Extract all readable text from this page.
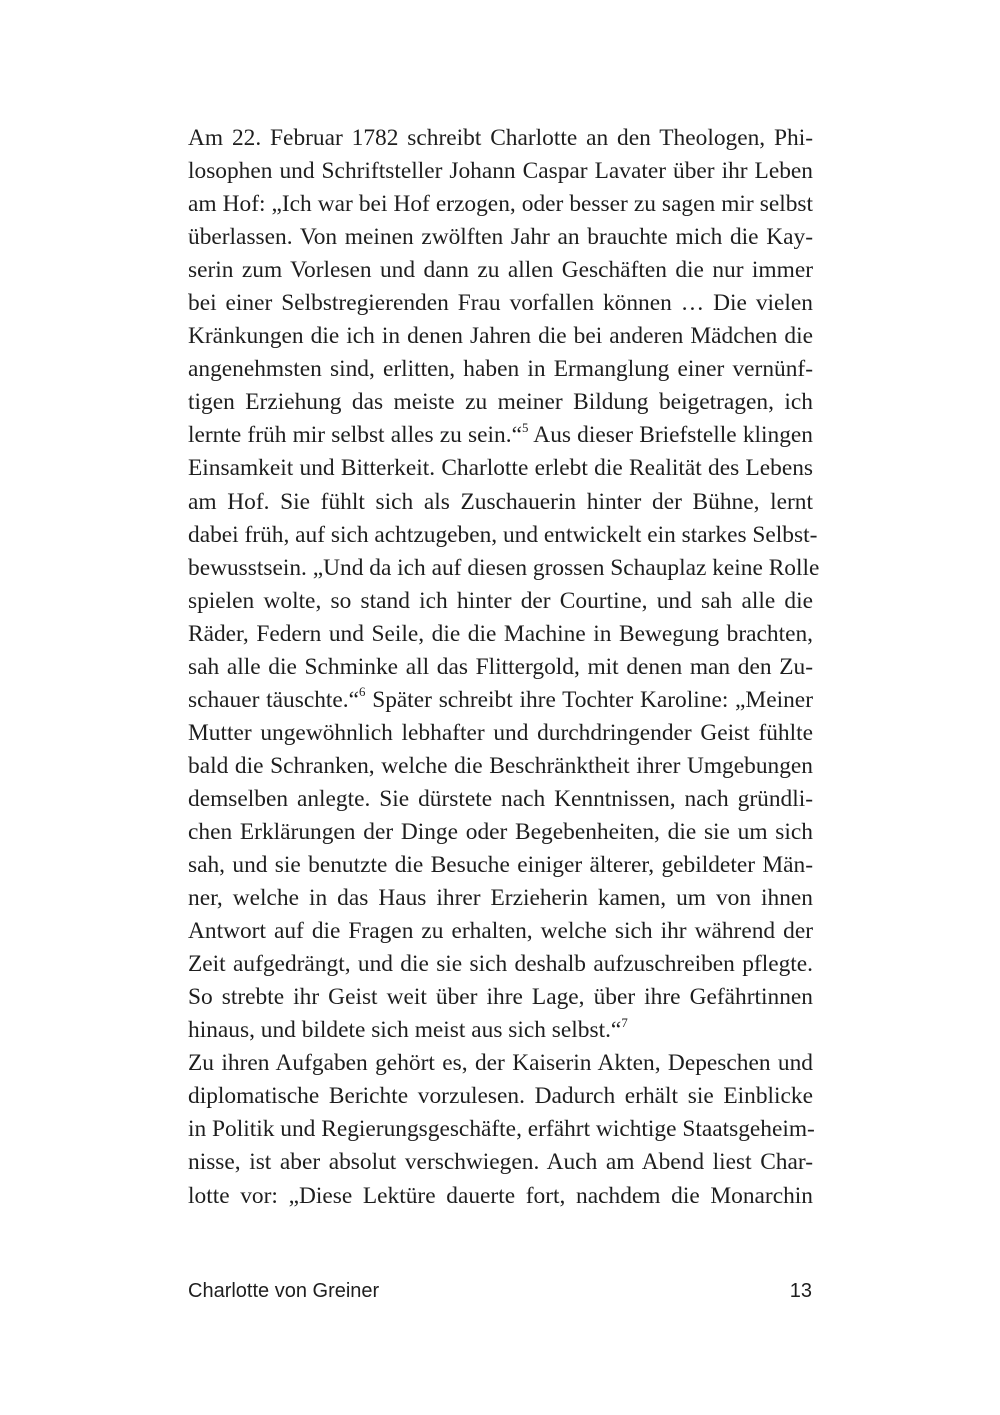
Am 22. Februar 1782 schreibt Charlotte an den Theologen, Phi-
losophen und Schriftsteller Johann Caspar Lavater über ihr Leben
am Hof: „Ich war bei Hof erzogen, oder besser zu sagen mir selbst
überlassen. Von meinen zwölften Jahr an brauchte mich die Kay-
serin zum Vorlesen und dann zu allen Geschäften die nur immer
bei einer Selbstregierenden Frau vorfallen können … Die vielen
Kränkungen die ich in denen Jahren die bei anderen Mädchen die
angenehmsten sind, erlitten, haben in Ermanglung einer vernünf-
tigen Erziehung das meiste zu meiner Bildung beigetragen, ich
lernte früh mir selbst alles zu sein.“$^5$ Aus dieser Briefstelle klingen
Einsamkeit und Bitterkeit. Charlotte erlebt die Realität des Lebens
am Hof. Sie fühlt sich als Zuschauerin hinter der Bühne, lernt
dabei früh, auf sich achtzugeben, und entwickelt ein starkes Selbst-
bewusstsein. „Und da ich auf diesen grossen Schauplaz keine Rolle
spielen wolte, so stand ich hinter der Courtine, und sah alle die
Räder, Federn und Seile, die die Machine in Bewegung brachten,
sah alle die Schminke all das Flittergold, mit denen man den Zu-
schauer täuschte.“$^6$ Später schreibt ihre Tochter Karoline: „Meiner
Mutter ungewöhnlich lebhafter und durchdringender Geist fühlte
bald die Schranken, welche die Beschränktheit ihrer Umgebungen
demselben anlegte. Sie dürstete nach Kenntnissen, nach gründli-
chen Erklärungen der Dinge oder Begebenheiten, die sie um sich
sah, und sie benutzte die Besuche einiger älterer, gebildeter Män-
ner, welche in das Haus ihrer Erzieherin kamen, um von ihnen
Antwort auf die Fragen zu erhalten, welche sich ihr während der
Zeit aufgedrängt, und die sie sich deshalb aufzuschreiben pflegte.
So strebte ihr Geist weit über ihre Lage, über ihre Gefährtinnen
hinaus, und bildete sich meist aus sich selbst.“$^7$
Zu ihren Aufgaben gehört es, der Kaiserin Akten, Depeschen und
diplomatische Berichte vorzulesen. Dadurch erhält sie Einblicke
in Politik und Regierungsgeschäfte, erfährt wichtige Staatsgeheim-
nisse, ist aber absolut verschwiegen. Auch am Abend liest Char-
lotte vor: „Diese Lektüre dauerte fort, nachdem die Monarchin
Charlotte von Greiner	13
